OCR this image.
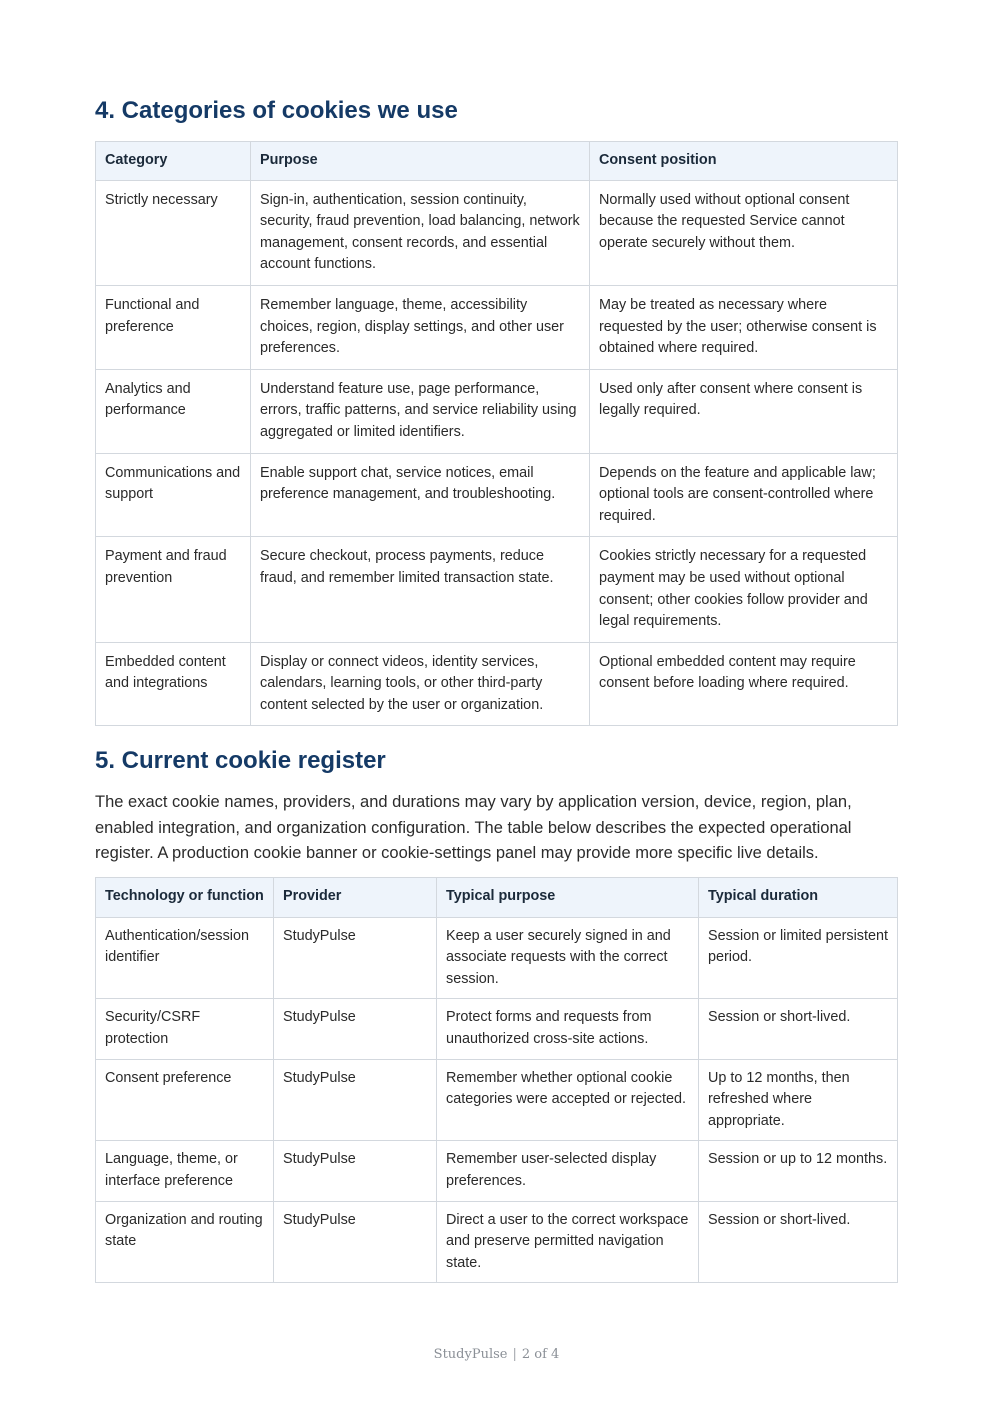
4. Categories of cookies we use
Category	Purpose	Consent position
Strictly necessary	Sign-in, authentication, session continuity, security, fraud prevention, load balancing, network management, consent records, and essential account functions.	Normally used without optional consent because the requested Service cannot operate securely without them.
Functional and preference	Remember language, theme, accessibility choices, region, display settings, and other user preferences.	May be treated as necessary where requested by the user; otherwise consent is obtained where required.
Analytics and performance	Understand feature use, page performance, errors, traffic patterns, and service reliability using aggregated or limited identifiers.	Used only after consent where consent is legally required.
Communications and support	Enable support chat, service notices, email preference management, and troubleshooting.	Depends on the feature and applicable law; optional tools are consent-controlled where required.
Payment and fraud prevention	Secure checkout, process payments, reduce fraud, and remember limited transaction state.	Cookies strictly necessary for a requested payment may be used without optional consent; other cookies follow provider and legal requirements.
Embedded content and integrations	Display or connect videos, identity services, calendars, learning tools, or other third-party content selected by the user or organization.	Optional embedded content may require consent before loading where required.
5. Current cookie register

The exact cookie names, providers, and durations may vary by application version, device, region, plan, enabled integration, and organization configuration. The table below describes the expected operational register. A production cookie banner or cookie-settings panel may provide more specific live details.

Technology or function	Provider	Typical purpose	Typical duration
Authentication/session identifier	StudyPulse	Keep a user securely signed in and associate requests with the correct session.	Session or limited persistent period.
Security/CSRF protection	StudyPulse	Protect forms and requests from unauthorized cross-site actions.	Session or short-lived.
Consent preference	StudyPulse	Remember whether optional cookie categories were accepted or rejected.	Up to 12 months, then refreshed where appropriate.
Language, theme, or interface preference	StudyPulse	Remember user-selected display preferences.	Session or up to 12 months.
Organization and routing state	StudyPulse	Direct a user to the correct workspace and preserve permitted navigation state.	Session or short-lived.
StudyPulse | 2 of 4
